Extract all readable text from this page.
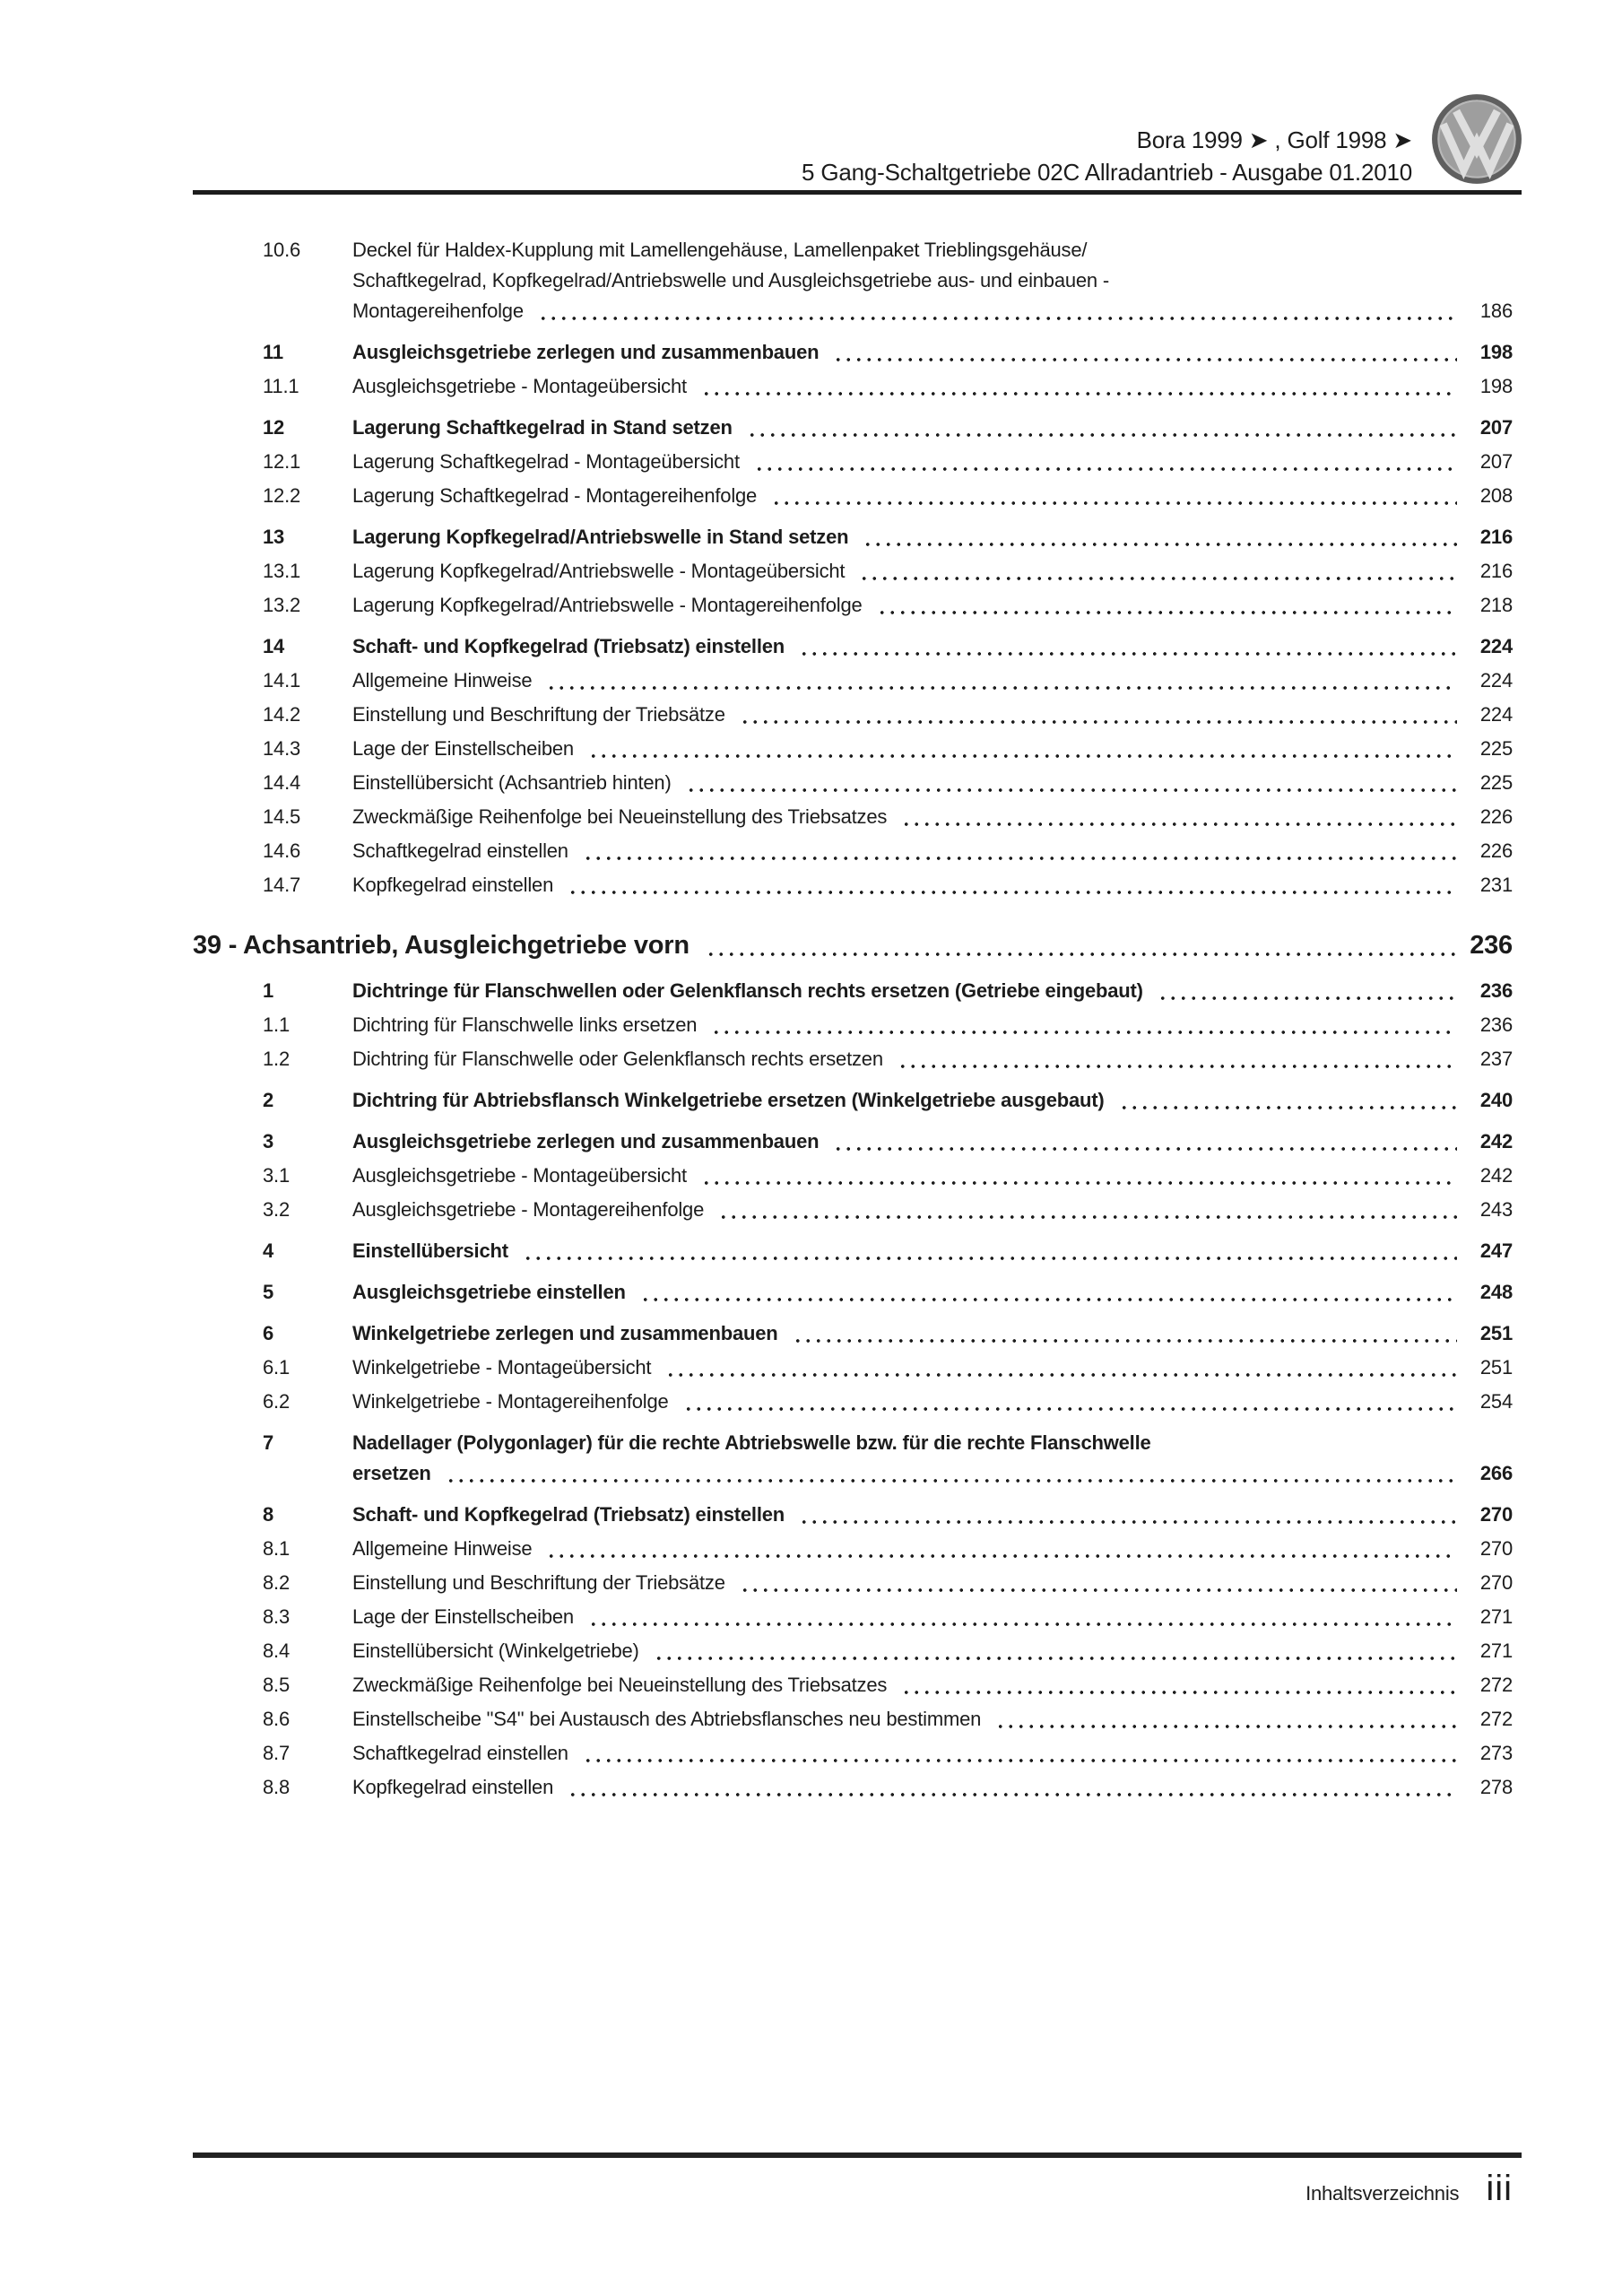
Bora 1999 ➤ , Golf 1998 ➤
5 Gang-Schaltgetriebe 02C Allradantrieb - Ausgabe 01.2010
10.6	Deckel für Haldex-Kupplung mit Lamellengehäuse, Lamellenpaket Trieblingsgehäuse/
Schaftkegelrad, Kopfkegelrad/Antriebswelle und Ausgleichsgetriebe aus- und einbauen -
Montagereihenfolge	186
11	Ausgleichsgetriebe zerlegen und zusammenbauen	198
11.1	Ausgleichsgetriebe - Montageübersicht	198
12	Lagerung Schaftkegelrad in Stand setzen	207
12.1	Lagerung Schaftkegelrad - Montageübersicht	207
12.2	Lagerung Schaftkegelrad - Montagereihenfolge	208
13	Lagerung Kopfkegelrad/Antriebswelle in Stand setzen	216
13.1	Lagerung Kopfkegelrad/Antriebswelle - Montageübersicht	216
13.2	Lagerung Kopfkegelrad/Antriebswelle - Montagereihenfolge	218
14	Schaft- und Kopfkegelrad (Triebsatz) einstellen	224
14.1	Allgemeine Hinweise	224
14.2	Einstellung und Beschriftung der Triebsätze	224
14.3	Lage der Einstellscheiben	225
14.4	Einstellübersicht (Achsantrieb hinten)	225
14.5	Zweckmäßige Reihenfolge bei Neueinstellung des Triebsatzes	226
14.6	Schaftkegelrad einstellen	226
14.7	Kopfkegelrad einstellen	231
39 - Achsantrieb, Ausgleichgetriebe vorn	236
1	Dichtringe für Flanschwellen oder Gelenkflansch rechts ersetzen (Getriebe eingebaut)	236
1.1	Dichtring für Flanschwelle links ersetzen	236
1.2	Dichtring für Flanschwelle oder Gelenkflansch rechts ersetzen	237
2	Dichtring für Abtriebsflansch Winkelgetriebe ersetzen (Winkelgetriebe ausgebaut)	240
3	Ausgleichsgetriebe zerlegen und zusammenbauen	242
3.1	Ausgleichsgetriebe - Montageübersicht	242
3.2	Ausgleichsgetriebe - Montagereihenfolge	243
4	Einstellübersicht	247
5	Ausgleichsgetriebe einstellen	248
6	Winkelgetriebe zerlegen und zusammenbauen	251
6.1	Winkelgetriebe - Montageübersicht	251
6.2	Winkelgetriebe - Montagereihenfolge	254
7	Nadellager (Polygonlager) für die rechte Abtriebswelle bzw. für die rechte Flanschwelle
ersetzen	266
8	Schaft- und Kopfkegelrad (Triebsatz) einstellen	270
8.1	Allgemeine Hinweise	270
8.2	Einstellung und Beschriftung der Triebsätze	270
8.3	Lage der Einstellscheiben	271
8.4	Einstellübersicht (Winkelgetriebe)	271
8.5	Zweckmäßige Reihenfolge bei Neueinstellung des Triebsatzes	272
8.6	Einstellscheibe "S4" bei Austausch des Abtriebsflansches neu bestimmen	272
8.7	Schaftkegelrad einstellen	273
8.8	Kopfkegelrad einstellen	278
Inhaltsverzeichnis iii
